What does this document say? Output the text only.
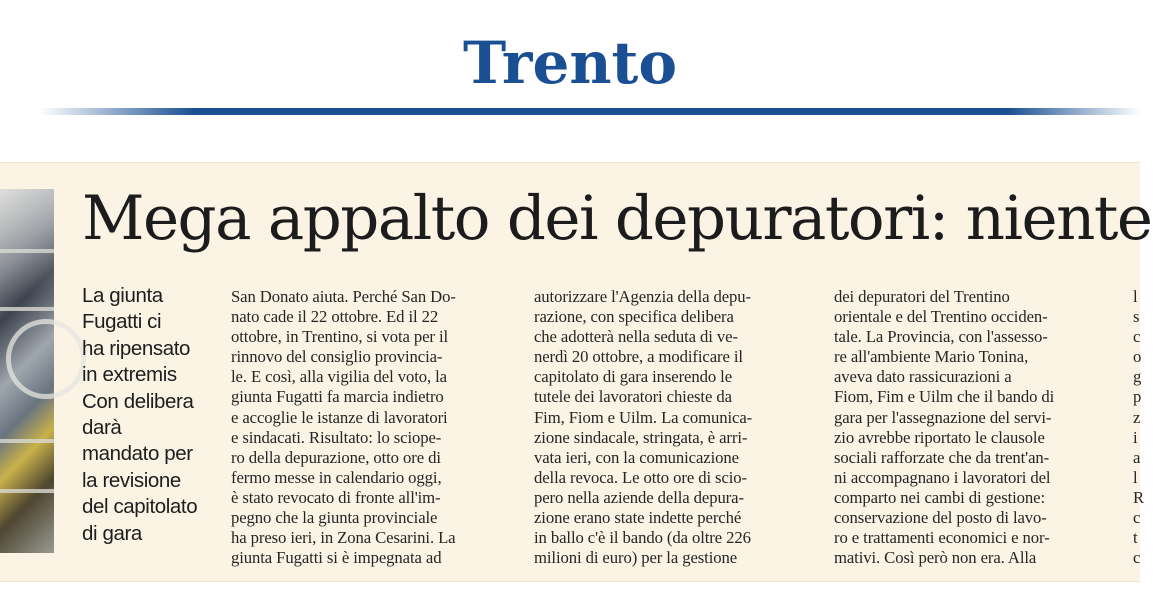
Trento
Mega appalto dei depuratori: niente
La giunta
Fugatti ci
ha ripensato
in extremis
Con delibera
darà
mandato per
la revisione
del capitolato
di gara
San Donato aiuta. Perché San Do-
nato cade il 22 ottobre. Ed il 22
ottobre, in Trentino, si vota per il
rinnovo del consiglio provincia-
le. E così, alla vigilia del voto, la
giunta Fugatti fa marcia indietro
e accoglie le istanze di lavoratori
e sindacati. Risultato: lo sciope-
ro della depurazione, otto ore di
fermo messe in calendario oggi,
è stato revocato di fronte all'im-
pegno che la giunta provinciale
ha preso ieri, in Zona Cesarini. La
giunta Fugatti si è impegnata ad
autorizzare l'Agenzia della depu-
razione, con specifica delibera
che adotterà nella seduta di ve-
nerdì 20 ottobre, a modificare il
capitolato di gara inserendo le
tutele dei lavoratori chieste da
Fim, Fiom e Uilm. La comunica-
zione sindacale, stringata, è arri-
vata ieri, con la comunicazione
della revoca. Le otto ore di scio-
pero nella aziende della depura-
zione erano state indette perché
in ballo c'è il bando (da oltre 226
milioni di euro) per la gestione
dei depuratori del Trentino
orientale e del Trentino occiden-
tale. La Provincia, con l'assesso-
re all'ambiente Mario Tonina,
aveva dato rassicurazioni a
Fiom, Fim e Uilm che il bando di
gara per l'assegnazione del servi-
zio avrebbe riportato le clausole
sociali rafforzate che da trent'an-
ni accompagnano i lavoratori del
comparto nei cambi di gestione:
conservazione del posto di lavo-
ro e trattamenti economici e nor-
mativi. Così però non era. Alla
l
s
c
o
g
p
z
i
a
l
R
c
t
c
